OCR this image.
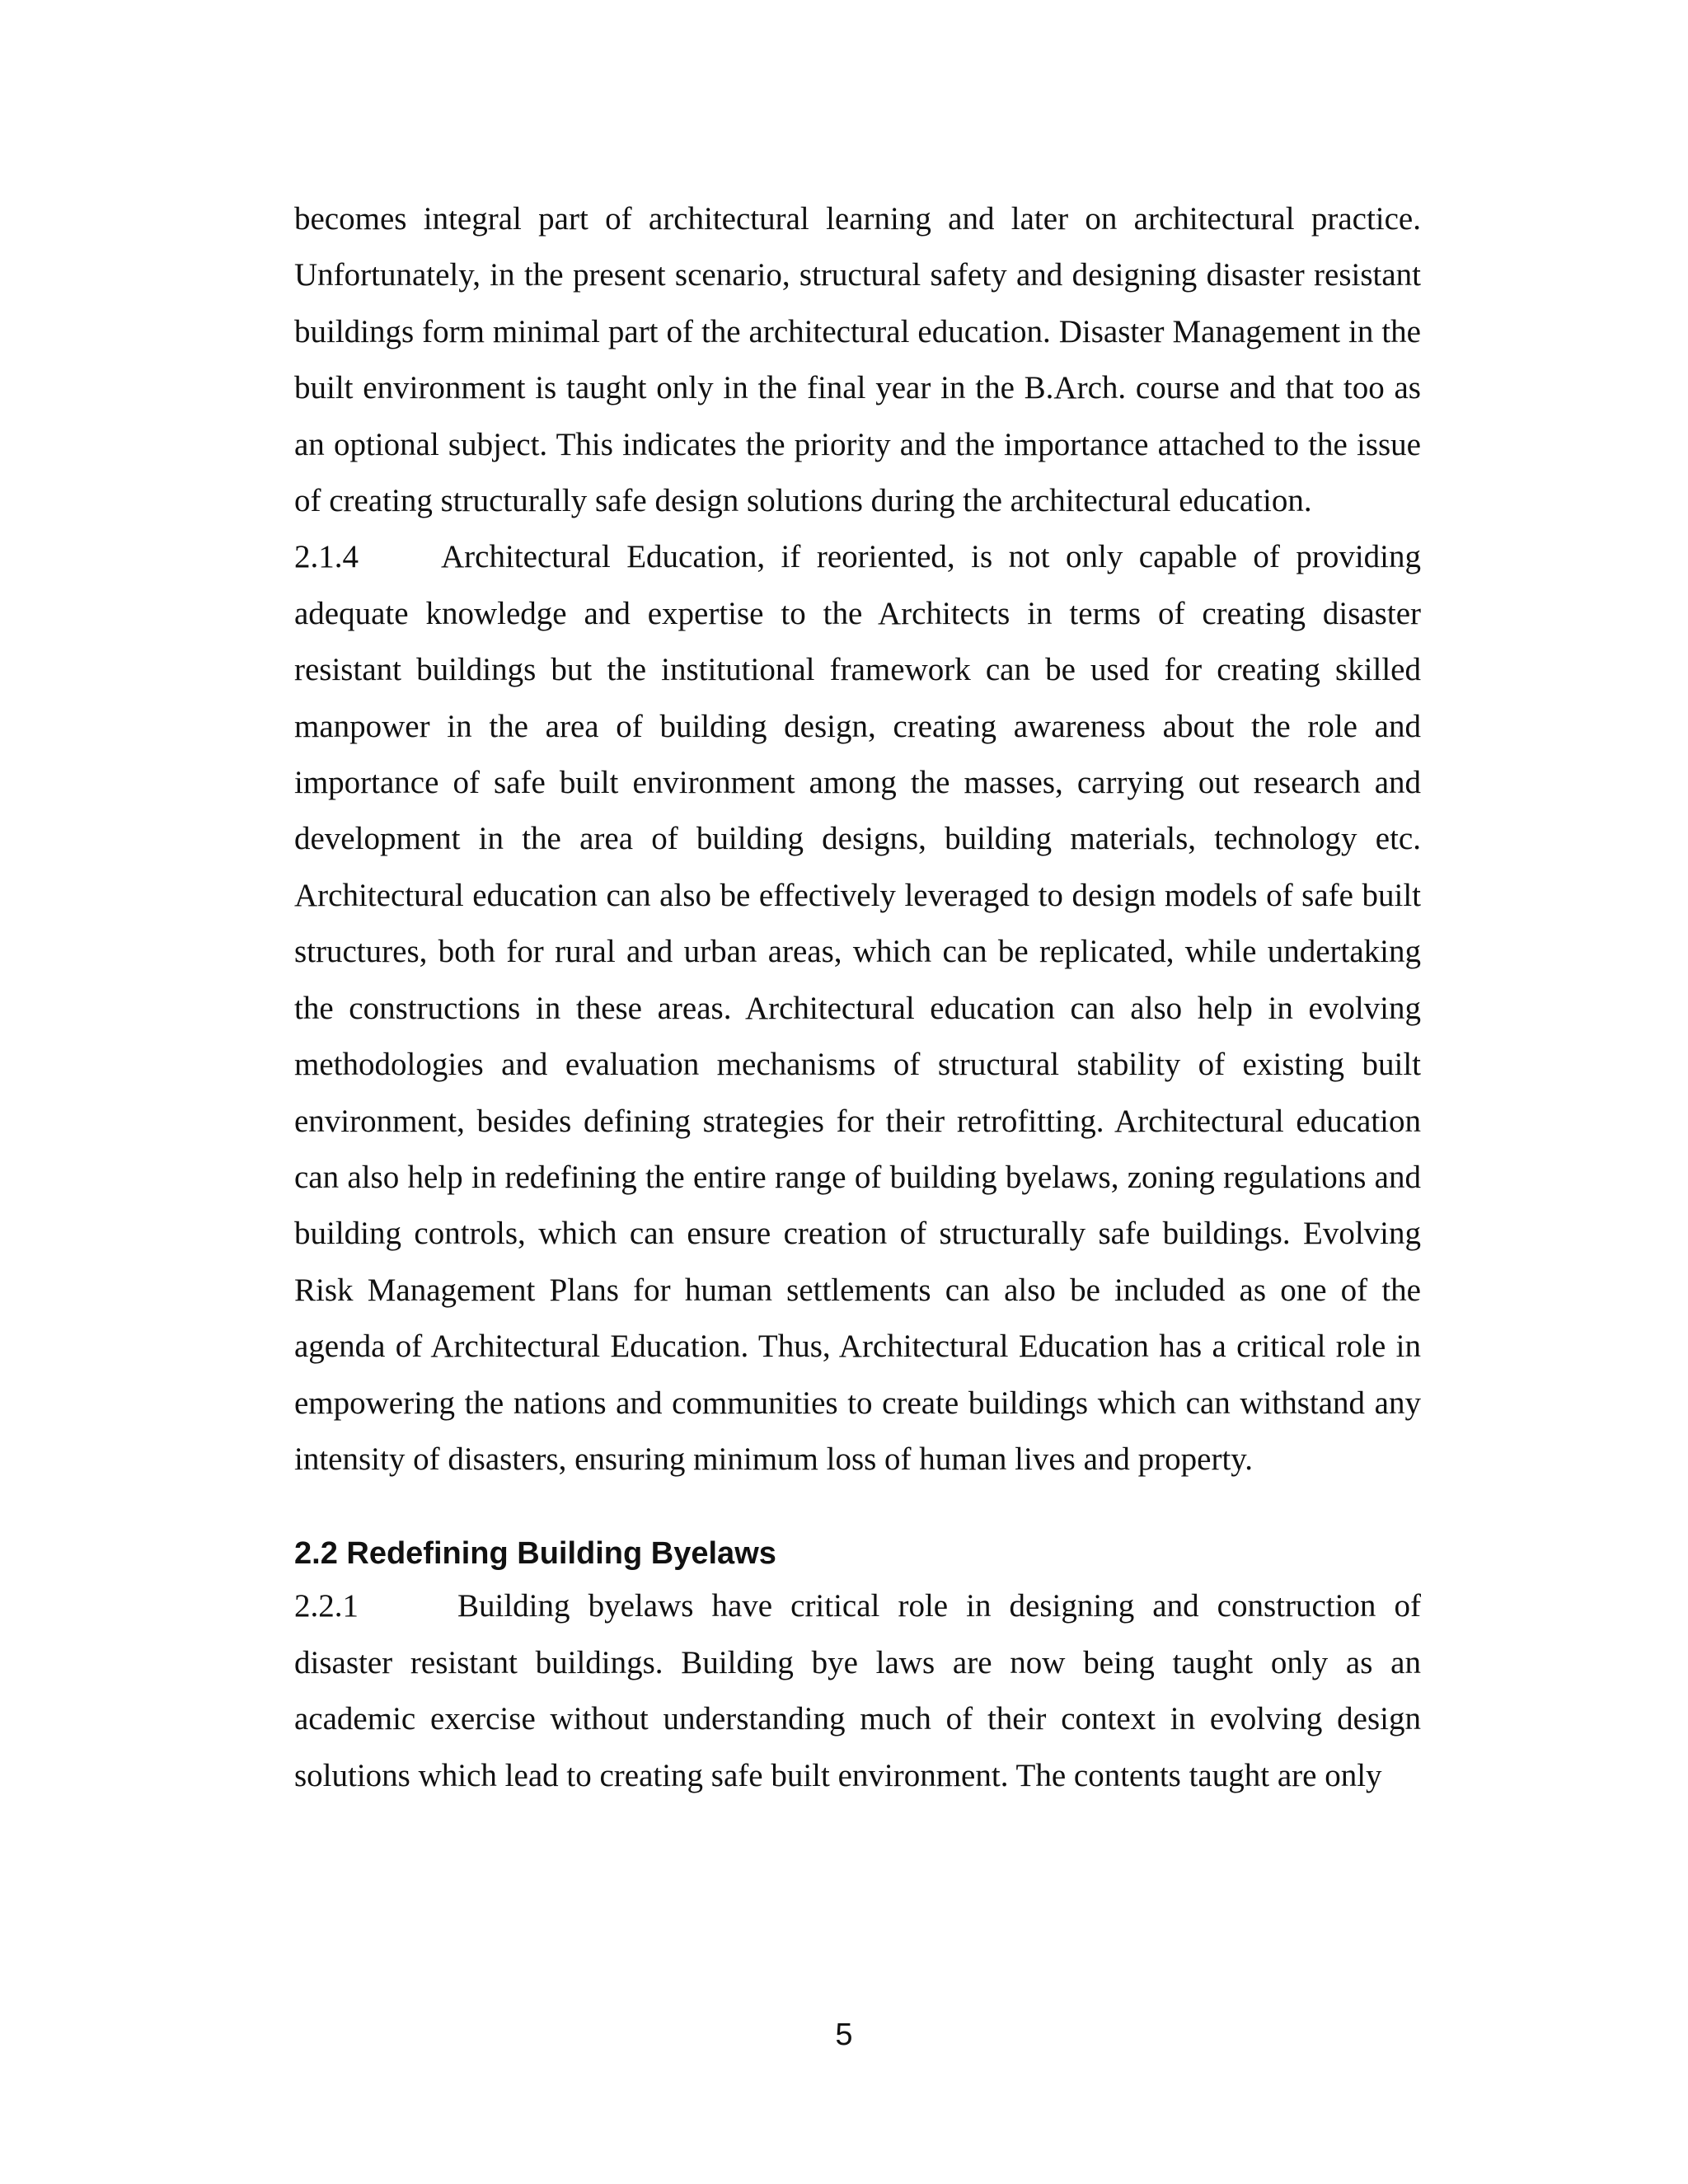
becomes integral part of architectural learning and later on architectural practice. Unfortunately, in the present scenario, structural safety and designing disaster resistant buildings form minimal part of the architectural education. Disaster Management in the built environment is taught only in the final year in the B.Arch. course and that too as an optional subject. This indicates the priority and the importance attached to the issue of creating structurally safe design solutions during the architectural education.

2.1.4	Architectural Education, if reoriented, is not only capable of providing adequate knowledge and expertise to the Architects in terms of creating disaster resistant buildings but the institutional framework can be used for creating skilled manpower in the area of building design, creating awareness about the role and importance of safe built environment among the masses, carrying out research and development in the area of building designs, building materials, technology etc. Architectural education can also be effectively leveraged to design models of safe built structures, both for rural and urban areas, which can be replicated, while undertaking the constructions in these areas. Architectural education can also help in evolving methodologies and evaluation mechanisms of structural stability of existing built environment, besides defining strategies for their retrofitting. Architectural education can also help in redefining the entire range of building byelaws, zoning regulations and building controls, which can ensure creation of structurally safe buildings. Evolving Risk Management Plans for human settlements can also be included as one of the agenda of Architectural Education. Thus, Architectural Education has a critical role in empowering the nations and communities to create buildings which can withstand any intensity of disasters, ensuring minimum loss of human lives and property.

2.2 Redefining Building Byelaws

2.2.1	Building byelaws have critical role in designing and construction of disaster resistant buildings. Building bye laws are now being taught only as an academic exercise without understanding much of their context in evolving design solutions which lead to creating safe built environment. The contents taught are only

5
